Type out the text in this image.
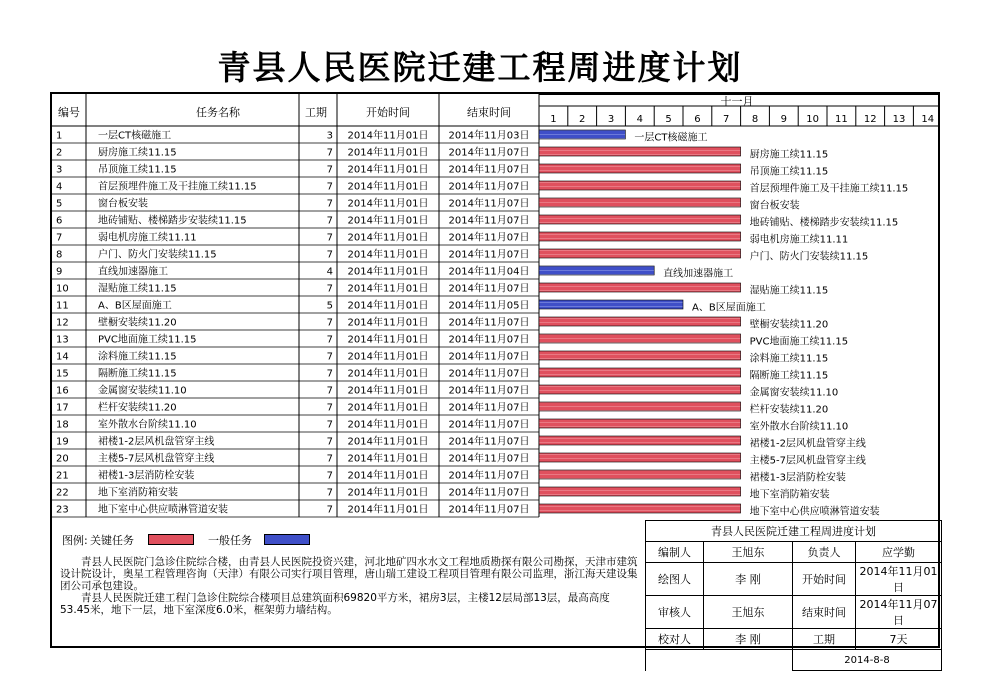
青县人民医院迁建工程周进度计划
编号	任务名称	工期	开始时间	结束时间
十一月
1 2 3 4 5 6 7 8 9 10 11 12 13 14
1	一层CT核磁施工	3 2014年11月01日 2014年11月03日	一层CT核磁施工
2	厨房施工续11.15	7 2014年11月01日 2014年11月07日	厨房施工续11.15
3	吊顶施工续11.15	7 2014年11月01日 2014年11月07日	吊顶施工续11.15
4	首层预埋件施工及干挂施工续11.15	7 2014年11月01日 2014年11月07日	首层预埋件施工及干挂施工续11.15
5	窗台板安装	7 2014年11月01日 2014年11月07日	窗台板安装
6	地砖铺贴、楼梯踏步安装续11.15	7 2014年11月01日 2014年11月07日	地砖铺贴、楼梯踏步安装续11.15
7	弱电机房施工续11.11	7 2014年11月01日 2014年11月07日	弱电机房施工续11.11
8	户门、防火门安装续11.15	7 2014年11月01日 2014年11月07日	户门、防火门安装续11.15
9	直线加速器施工	4 2014年11月01日 2014年11月04日	直线加速器施工
10	湿贴施工续11.15	7 2014年11月01日 2014年11月07日	湿贴施工续11.15
11	A、B区屋面施工	5 2014年11月01日 2014年11月05日	A、B区屋面施工
12	壁橱安装续11.20	7 2014年11月01日 2014年11月07日	壁橱安装续11.20
13	PVC地面施工续11.15	7 2014年11月01日 2014年11月07日	PVC地面施工续11.15
14	涂料施工续11.15	7 2014年11月01日 2014年11月07日	涂料施工续11.15
15	隔断施工续11.15	7 2014年11月01日 2014年11月07日	隔断施工续11.15
16	金属窗安装续11.10	7 2014年11月01日 2014年11月07日	金属窗安装续11.10
17	栏杆安装续11.20	7 2014年11月01日 2014年11月07日	栏杆安装续11.20
18	室外散水台阶续11.10	7 2014年11月01日 2014年11月07日	室外散水台阶续11.10
19	裙楼1-2层风机盘管穿主线	7 2014年11月01日 2014年11月07日	裙楼1-2层风机盘管穿主线
20	主楼5-7层风机盘管穿主线	7 2014年11月01日 2014年11月07日	主楼5-7层风机盘管穿主线
21	裙楼1-3层消防栓安装	7 2014年11月01日 2014年11月07日	裙楼1-3层消防栓安装
22	地下室消防箱安装	7 2014年11月01日 2014年11月07日	地下室消防箱安装
23	地下室中心供应喷淋管道安装	7 2014年11月01日 2014年11月07日	地下室中心供应喷淋管道安装
图例: 关键任务	一般任务

青县人民医院门急诊住院综合楼，由青县人民医院投资兴建，河北地矿四水水文工程地质勘探有限公司勘探，天津市建筑设计院设计，奥星工程管理咨询（天津）有限公司实行项目管理，唐山瑞工建设工程项目管理有限公司监理，浙江海天建设集团公司承包建设。

青县人民医院迁建工程门急诊住院综合楼项目总建筑面积69820平方米，裙房3层，主楼12层局部13层，最高高度53.45米，地下一层，地下室深度6.0米，框架剪力墙结构。

青县人民医院迁建工程周进度计划			
编制人	王旭东	负责人	应学勤
绘图人	李 刚	开始时间	2014年11月01日
审核人	王旭东	结束时间	2014年11月07日
校对人	李 刚	工期	7天
		2014-8-8	
